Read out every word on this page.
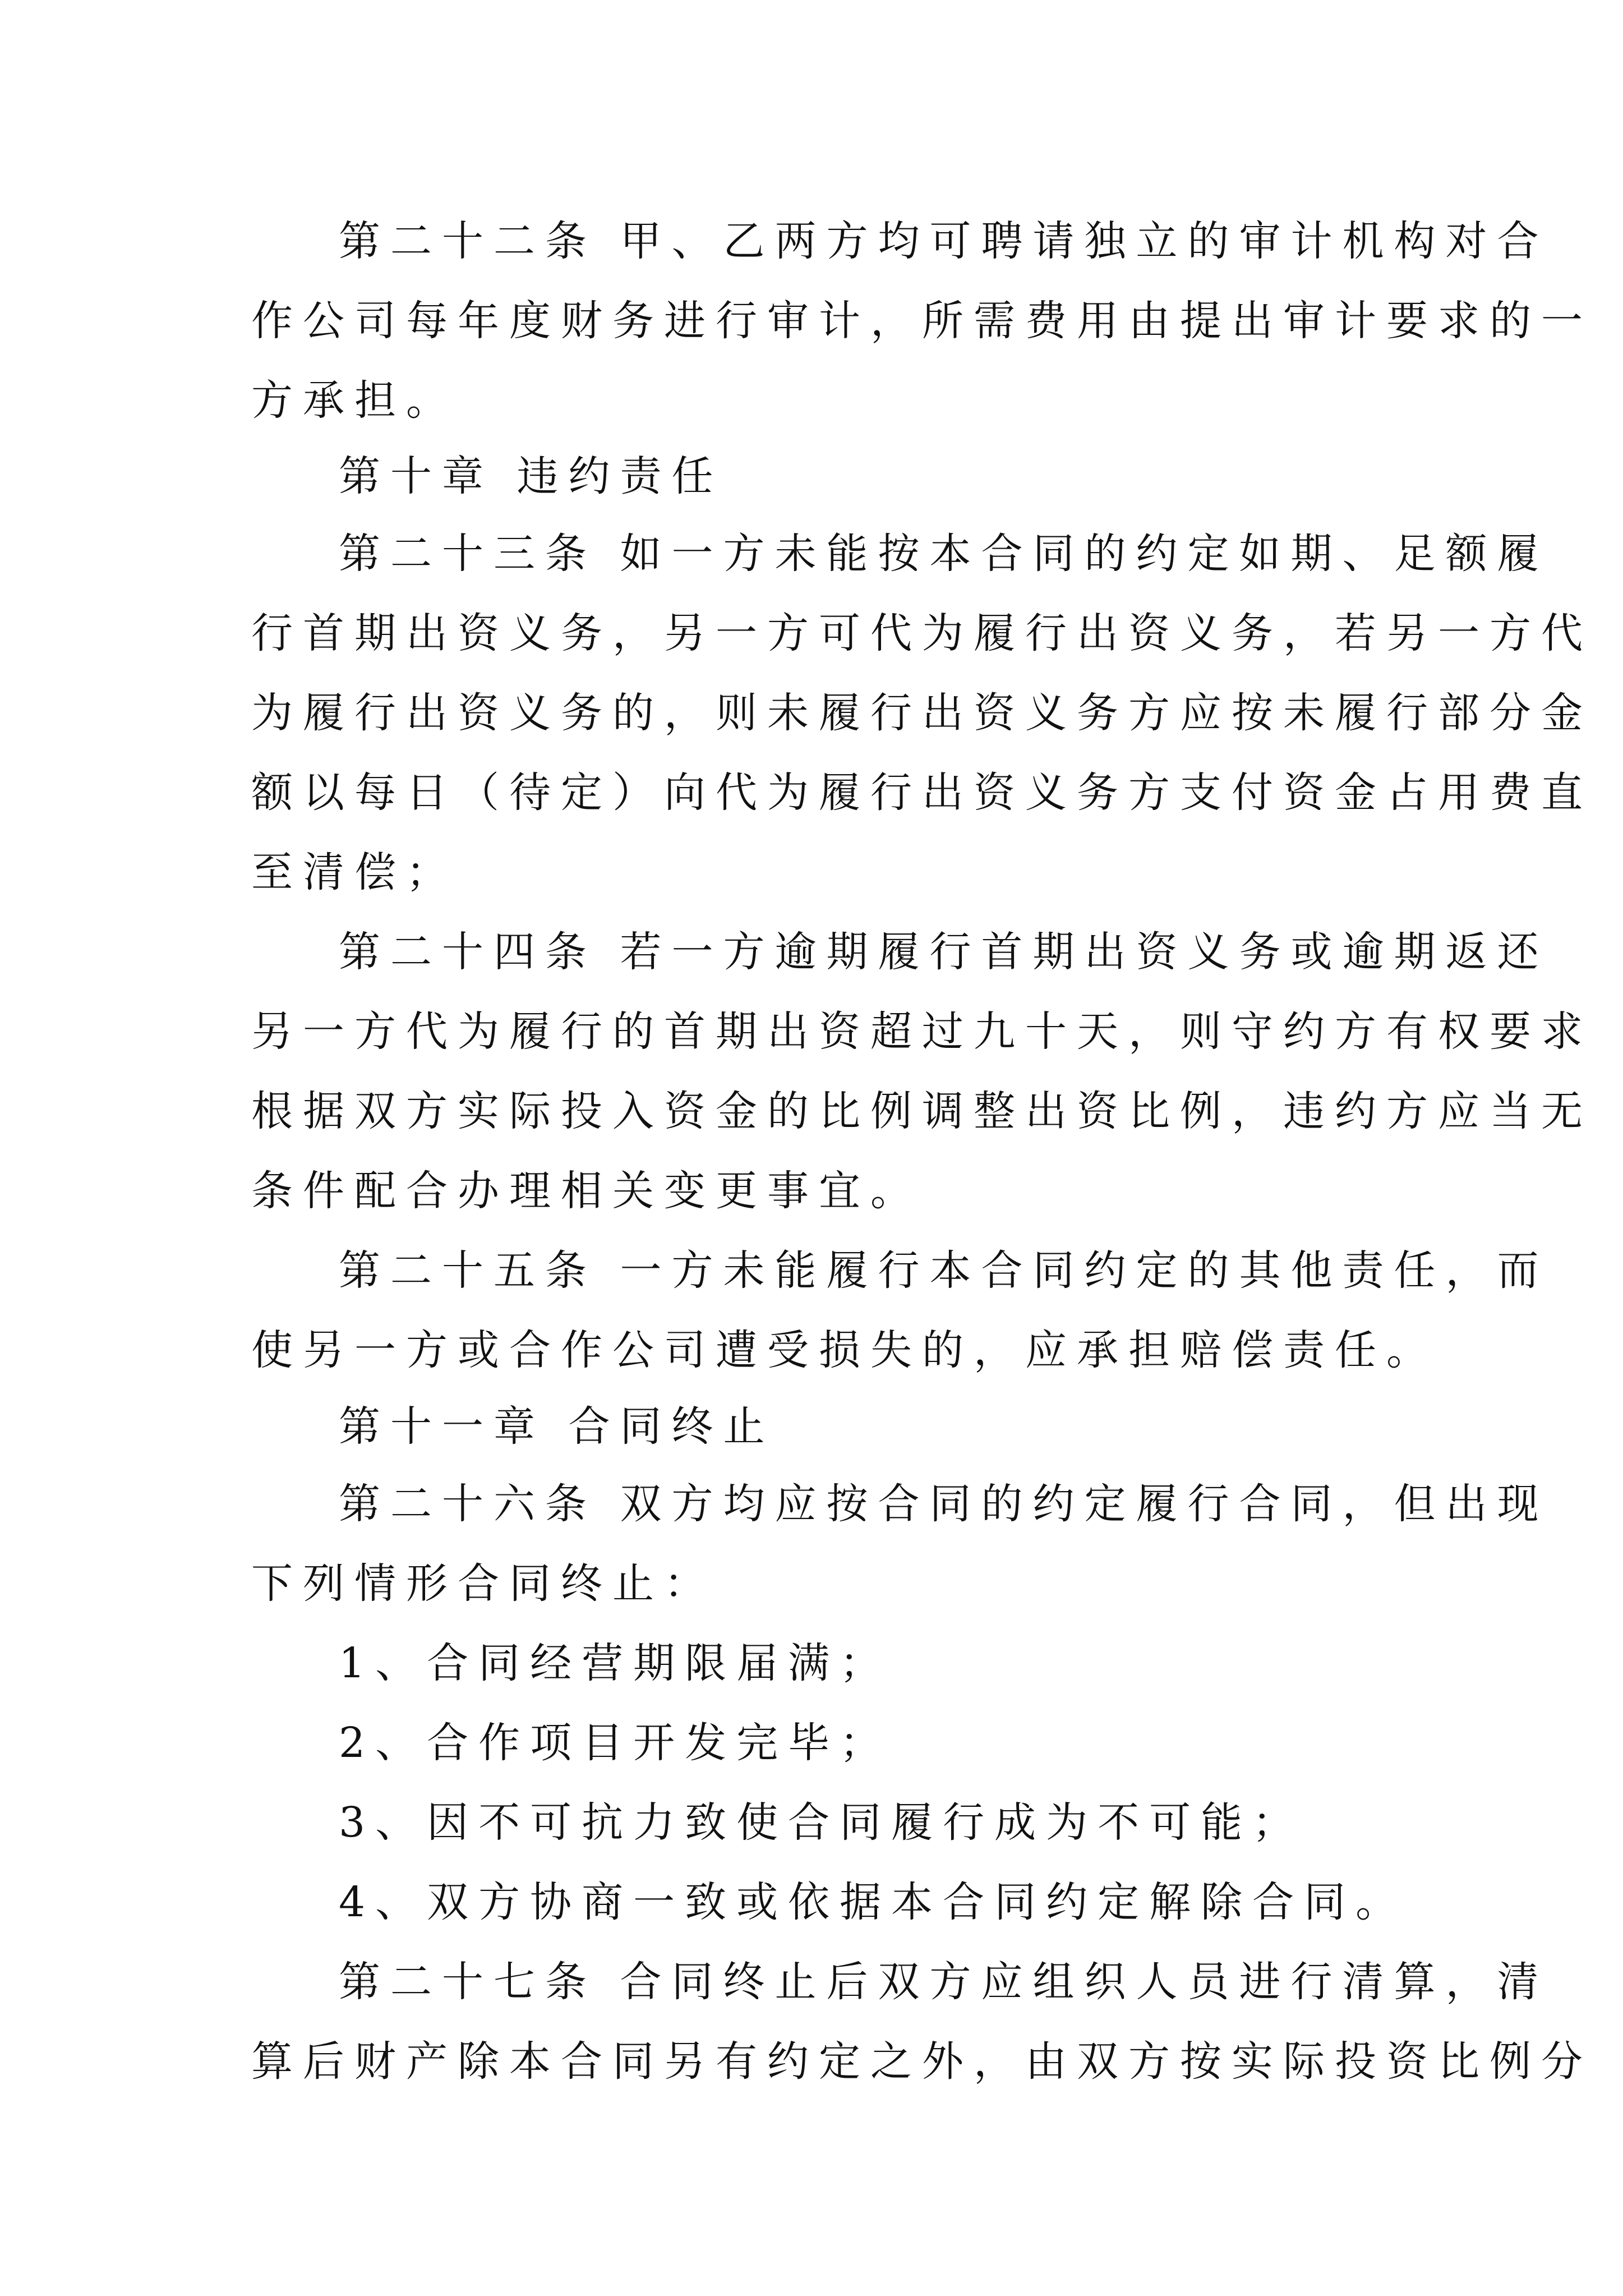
第二十二条 甲、乙两方均可聘请独立的审计机构对合
作公司每年度财务进行审计，所需费用由提出审计要求的一
方承担。
第十章 违约责任
第二十三条 如一方未能按本合同的约定如期、足额履
行首期出资义务，另一方可代为履行出资义务，若另一方代
为履行出资义务的，则未履行出资义务方应按未履行部分金
额以每日（待定）向代为履行出资义务方支付资金占用费直
至清偿；
第二十四条 若一方逾期履行首期出资义务或逾期返还
另一方代为履行的首期出资超过九十天，则守约方有权要求
根据双方实际投入资金的比例调整出资比例，违约方应当无
条件配合办理相关变更事宜。
第二十五条 一方未能履行本合同约定的其他责任，而
使另一方或合作公司遭受损失的，应承担赔偿责任。
第十一章 合同终止
第二十六条 双方均应按合同的约定履行合同，但出现
下列情形合同终止：
1、合同经营期限届满；
2、合作项目开发完毕；
3、因不可抗力致使合同履行成为不可能；
4、双方协商一致或依据本合同约定解除合同。
第二十七条 合同终止后双方应组织人员进行清算，清
算后财产除本合同另有约定之外，由双方按实际投资比例分
